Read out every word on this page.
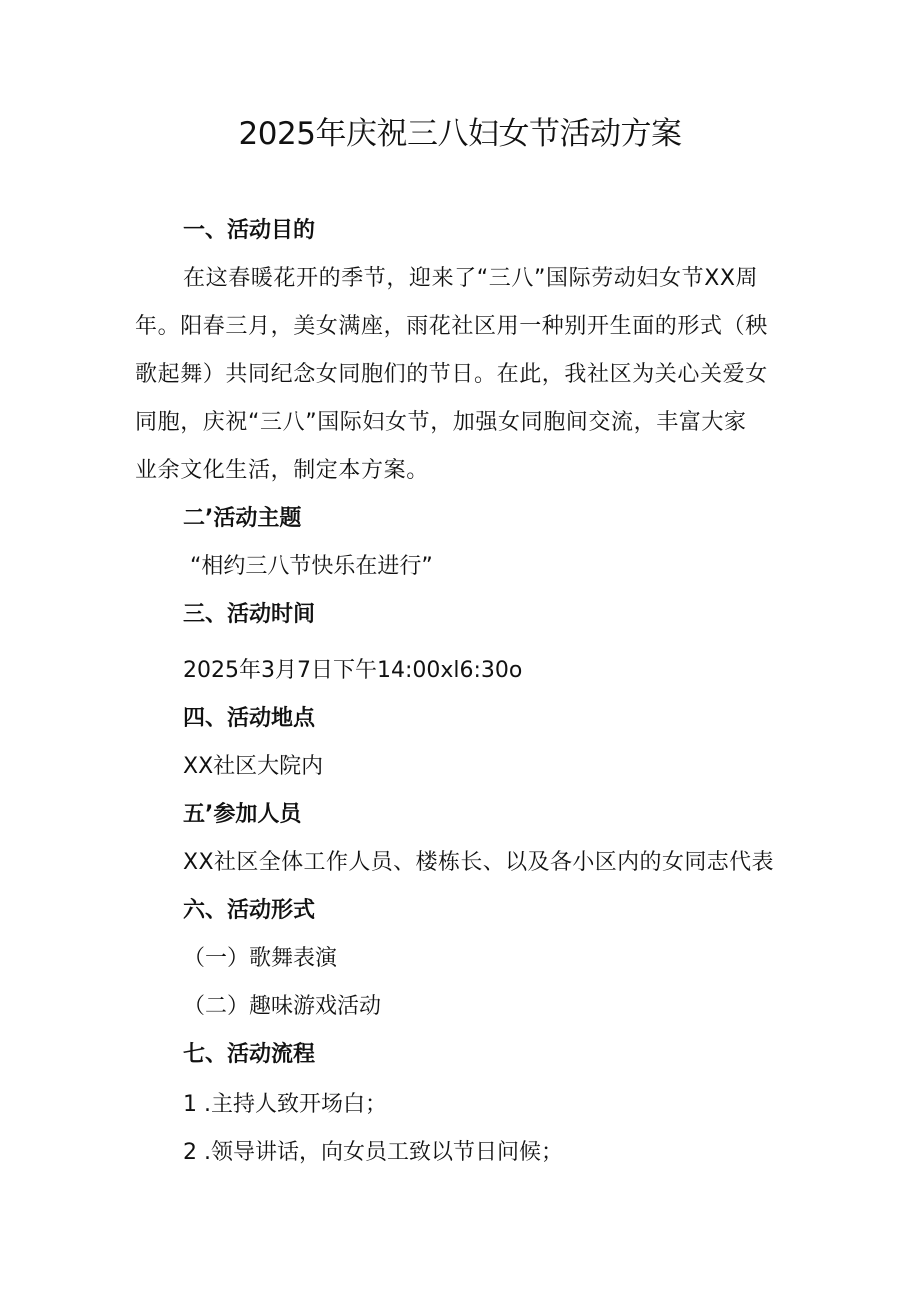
2025年庆祝三八妇女节活动方案
一、活动目的
在这春暖花开的季节，迎来了“三八”国际劳动妇女节XX周
年。阳春三月，美女满座，雨花社区用一种别开生面的形式（秧
歌起舞）共同纪念女同胞们的节日。在此，我社区为关心关爱女
同胞，庆祝“三八”国际妇女节，加强女同胞间交流，丰富大家
业余文化生活，制定本方案。
二’活动主题
“相约三八节快乐在进行”
三、活动时间
2025年3月7日下午14:00xl6:30o
四、活动地点
XX社区大院内
五’参加人员
XX社区全体工作人员、楼栋长、以及各小区内的女同志代表
六、活动形式
（一）歌舞表演
（二）趣味游戏活动
七、活动流程
1 .主持人致开场白；
2 .领导讲话，向女员工致以节日问候；
